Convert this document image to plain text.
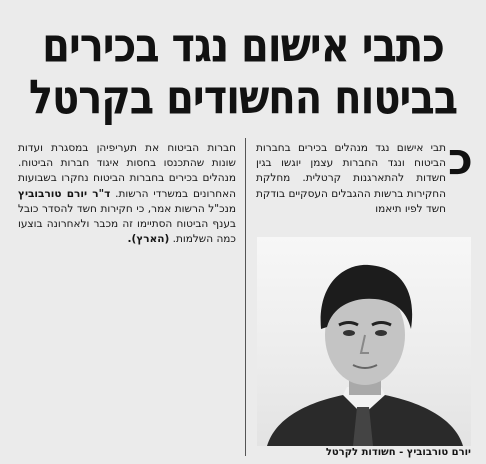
כתבי אישום נגד בכירים
בביטוח החשודים בקרטל
כ
תבי אישום נגד מנהלים בכירים בחברות הביטוח ונגד החברות עצמן יוגשו בגין חשדות להתארגנות קרטלית. מחלקת החקירות ברשות ההגבלים העסקיים בודקת חשד לפיו תיאמו
חברות הביטוח את תעריפיהן במסגרת ועדות שונות שהתכנסו בחסות איגוד חברות הביטוח. מנהלים בכירים בחברות הביטוח נחקרו בשבועות האחרונים במשרדי הרשות. ד"ר יורם טורבוביץ מנכ"ל הרשות אמר, כי חקירות חשד להסדר כובל בענף הביטוח הסתיימו זה מכבר ולאחרונה בוצעו כמה השלמות. (הארץ).
יורם טורבוביץ - חשודות לקרטל
